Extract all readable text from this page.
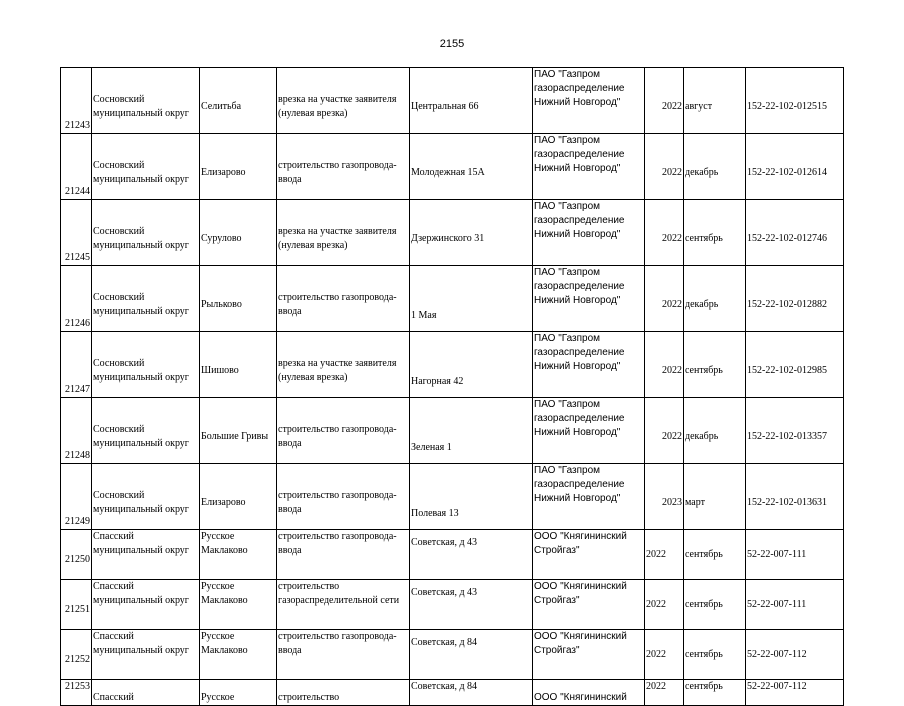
2155
21243	Сосновский муниципальный округ	Селитьба	врезка на участке заявителя (нулевая врезка)	Центральная 66	ПАО "Газпром газораспределение Нижний Новгород"	2022	август	152-22-102-012515
21244	Сосновский муниципальный округ	Елизарово	строительство газопровода-ввода	Молодежная 15А	ПАО "Газпром газораспределение Нижний Новгород"	2022	декабрь	152-22-102-012614
21245	Сосновский муниципальный округ	Сурулово	врезка на участке заявителя (нулевая врезка)	Дзержинского 31	ПАО "Газпром газораспределение Нижний Новгород"	2022	сентябрь	152-22-102-012746
21246	Сосновский муниципальный округ	Рыльково	строительство газопровода-ввода	1 Мая	ПАО "Газпром газораспределение Нижний Новгород"	2022	декабрь	152-22-102-012882
21247	Сосновский муниципальный округ	Шишово	врезка на участке заявителя (нулевая врезка)	Нагорная 42	ПАО "Газпром газораспределение Нижний Новгород"	2022	сентябрь	152-22-102-012985
21248	Сосновский муниципальный округ	Большие Гривы	строительство газопровода-ввода	Зеленая 1	ПАО "Газпром газораспределение Нижний Новгород"	2022	декабрь	152-22-102-013357
21249	Сосновский муниципальный округ	Елизарово	строительство газопровода-ввода	Полевая 13	ПАО "Газпром газораспределение Нижний Новгород"	2023	март	152-22-102-013631
21250	Спасский муниципальный округ	Русское Маклаково	строительство газопровода-ввода	Советская, д 43	ООО "Княгининский Стройгаз"	2022	сентябрь	52-22-007-111
21251	Спасский муниципальный округ	Русское Маклаково	строительство газораспределительной сети	Советская, д 43	ООО "Княгининский Стройгаз"	2022	сентябрь	52-22-007-111
21252	Спасский муниципальный округ	Русское Маклаково	строительство газопровода-ввода	Советская, д 84	ООО "Княгининский Стройгаз"	2022	сентябрь	52-22-007-112
21253	Спасский	Русское	строительство	Советская, д 84	ООО "Княгининский	2022	сентябрь	52-22-007-112
